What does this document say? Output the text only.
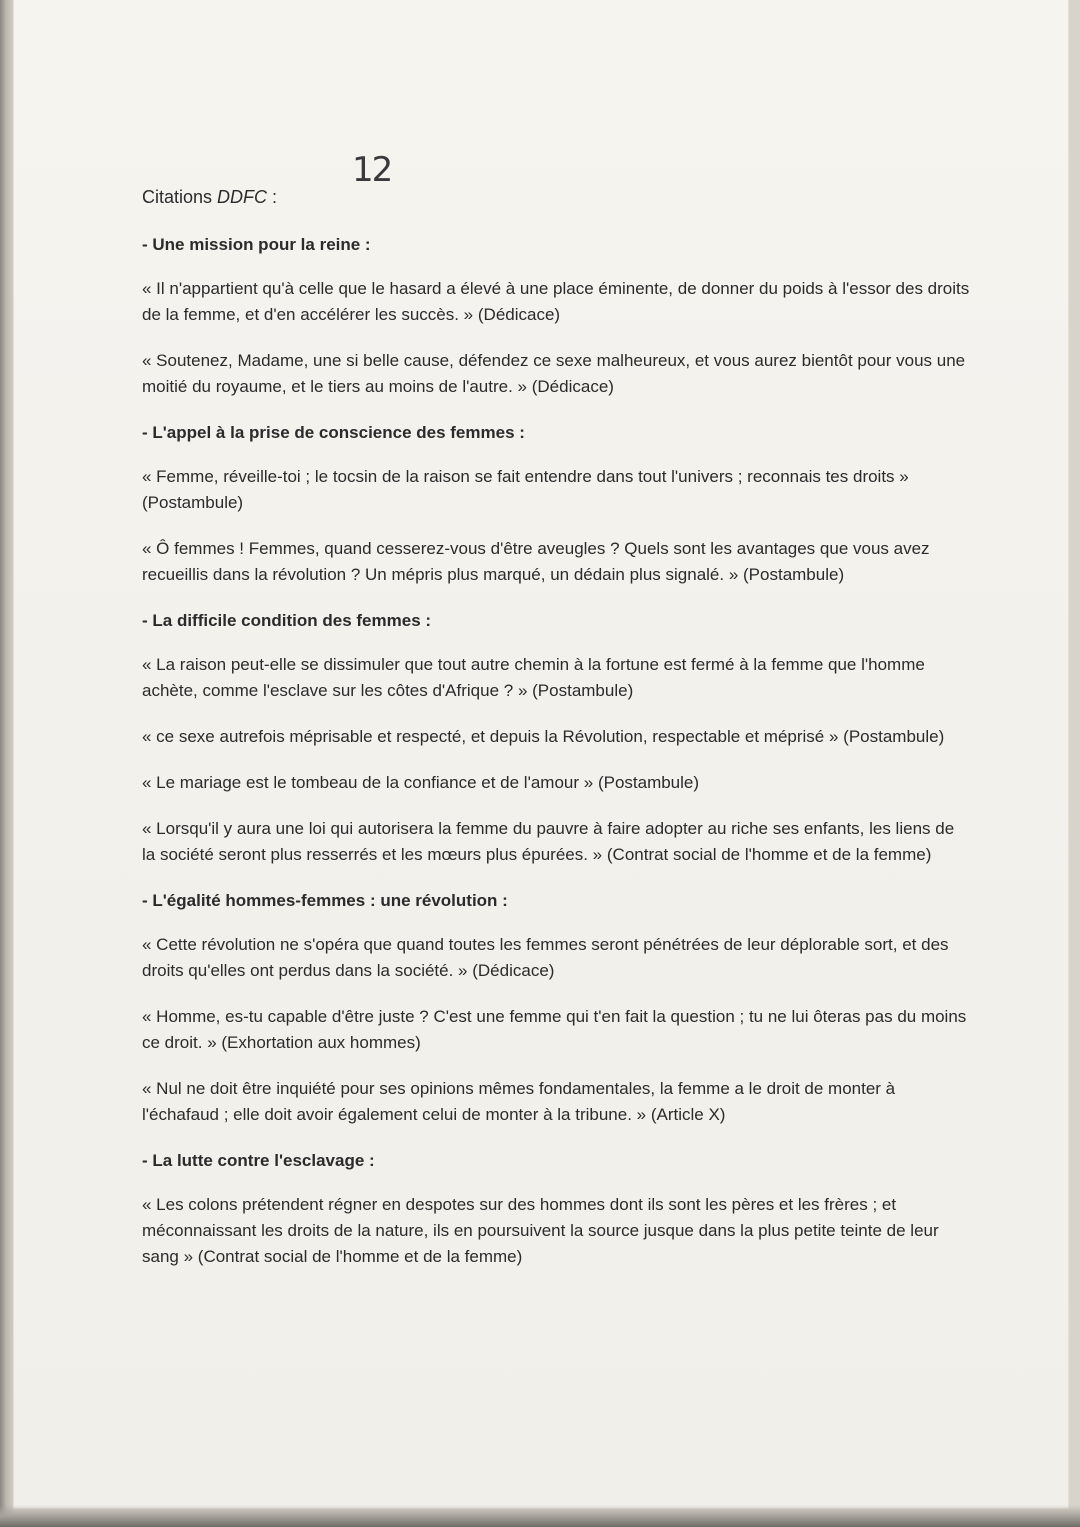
12
Citations DDFC :
- Une mission pour la reine :

« Il n'appartient qu'à celle que le hasard a élevé à une place éminente, de donner du poids à l'essor des droits de la femme, et d'en accélérer les succès. » (Dédicace)

« Soutenez, Madame, une si belle cause, défendez ce sexe malheureux, et vous aurez bientôt pour vous une moitié du royaume, et le tiers au moins de l'autre. » (Dédicace)

- L'appel à la prise de conscience des femmes :

« Femme, réveille-toi ; le tocsin de la raison se fait entendre dans tout l'univers ; reconnais tes droits » (Postambule)

« Ô femmes ! Femmes, quand cesserez-vous d'être aveugles ? Quels sont les avantages que vous avez recueillis dans la révolution ? Un mépris plus marqué, un dédain plus signalé. » (Postambule)

- La difficile condition des femmes :

« La raison peut-elle se dissimuler que tout autre chemin à la fortune est fermé à la femme que l'homme achète, comme l'esclave sur les côtes d'Afrique ? » (Postambule)

« ce sexe autrefois méprisable et respecté, et depuis la Révolution, respectable et méprisé » (Postambule)

« Le mariage est le tombeau de la confiance et de l'amour » (Postambule)

« Lorsqu'il y aura une loi qui autorisera la femme du pauvre à faire adopter au riche ses enfants, les liens de la société seront plus resserrés et les mœurs plus épurées. » (Contrat social de l'homme et de la femme)

- L'égalité hommes-femmes : une révolution :

« Cette révolution ne s'opéra que quand toutes les femmes seront pénétrées de leur déplorable sort, et des droits qu'elles ont perdus dans la société. » (Dédicace)

« Homme, es-tu capable d'être juste ? C'est une femme qui t'en fait la question ; tu ne lui ôteras pas du moins ce droit. » (Exhortation aux hommes)

« Nul ne doit être inquiété pour ses opinions mêmes fondamentales, la femme a le droit de monter à l'échafaud ; elle doit avoir également celui de monter à la tribune. » (Article X)

- La lutte contre l'esclavage :

« Les colons prétendent régner en despotes sur des hommes dont ils sont les pères et les frères ; et méconnaissant les droits de la nature, ils en poursuivent la source jusque dans la plus petite teinte de leur sang » (Contrat social de l'homme et de la femme)
